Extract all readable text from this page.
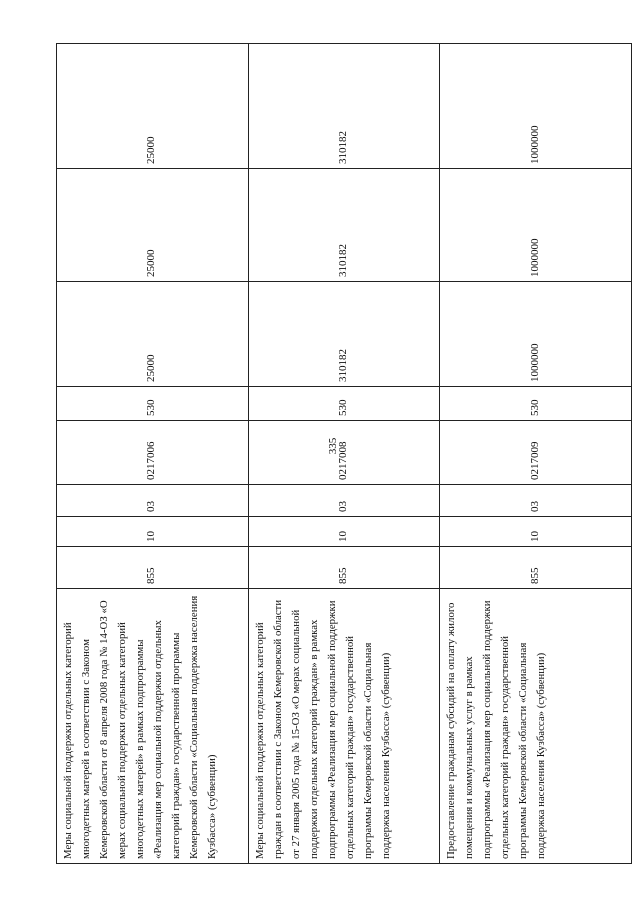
335
Меры социальной поддержки отдельных категорий многодетных матерей в соответствии с Законом Кемеровской области от 8 апреля 2008 года № 14-ОЗ «О мерах социальной поддержки отдельных категорий многодетных матерей» в рамках подпрограммы «Реализация мер социальной поддержки отдельных категорий граждан» государственной программы Кемеровской области «Социальная поддержка населения Кузбасса» (субвенции)	855	10	03	0217006	530	25000	25000	25000
Меры социальной поддержки отдельных категорий граждан в соответствии с Законом Кемеровской области от 27 января 2005 года № 15-ОЗ «О мерах социальной поддержки отдельных категорий граждан» в рамках подпрограммы «Реализация мер социальной поддержки отдельных категорий граждан» государственной программы Кемеровской области «Социальная поддержка населения Кузбасса» (субвенции)	855	10	03	0217008	530	310182	310182	310182
Предоставление гражданам субсидий на оплату жилого помещения и коммунальных услуг в рамках подпрограммы «Реализация мер социальной поддержки отдельных категорий граждан» государственной программы Кемеровской области «Социальная поддержка населения Кузбасса» (субвенции)	855	10	03	0217009	530	1000000	1000000	1000000
